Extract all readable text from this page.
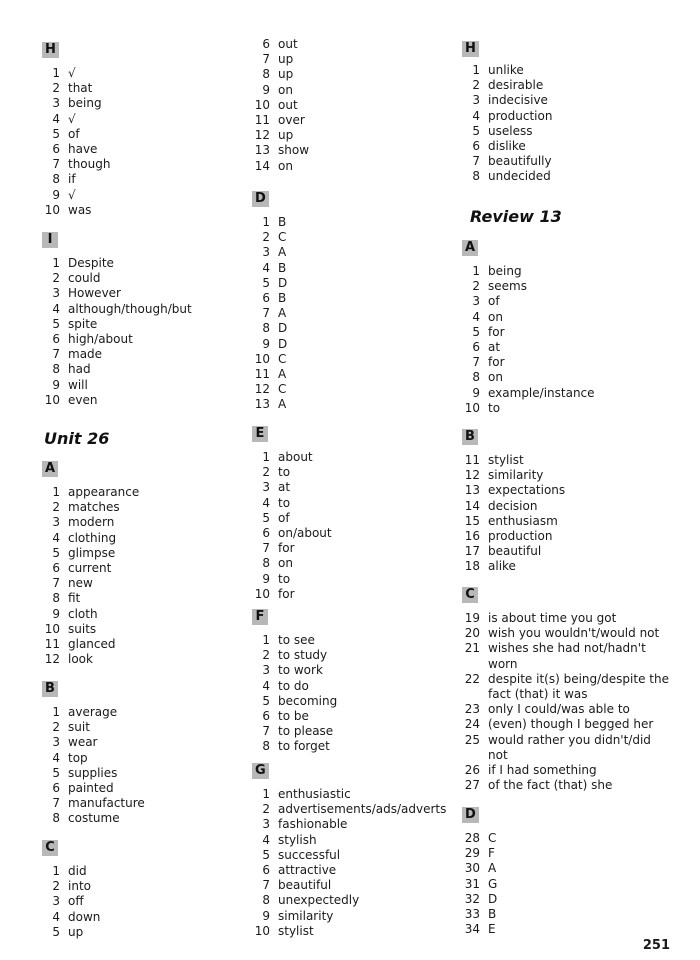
H
1 √
2 that
3 being
4 √
5 of
6 have
7 though
8 if
9 √
10 was
I
1 Despite
2 could
3 However
4 although/though/but
5 spite
6 high/about
7 made
8 had
9 will
10 even
Unit 26
A
1 appearance
2 matches
3 modern
4 clothing
5 glimpse
6 current
7 new
8 fit
9 cloth
10 suits
11 glanced
12 look
B
1 average
2 suit
3 wear
4 top
5 supplies
6 painted
7 manufacture
8 costume
C
1 did
2 into
3 off
4 down
5 up
6 out
7 up
8 up
9 on
10 out
11 over
12 up
13 show
14 on
D
1 B
2 C
3 A
4 B
5 D
6 B
7 A
8 D
9 D
10 C
11 A
12 C
13 A
E
1 about
2 to
3 at
4 to
5 of
6 on/about
7 for
8 on
9 to
10 for
F
1 to see
2 to study
3 to work
4 to do
5 becoming
6 to be
7 to please
8 to forget
G
1 enthusiastic
2 advertisements/ads/adverts
3 fashionable
4 stylish
5 successful
6 attractive
7 beautiful
8 unexpectedly
9 similarity
10 stylist
H
1 unlike
2 desirable
3 indecisive
4 production
5 useless
6 dislike
7 beautifully
8 undecided
Review 13
A
1 being
2 seems
3 of
4 on
5 for
6 at
7 for
8 on
9 example/instance
10 to
B
11 stylist
12 similarity
13 expectations
14 decision
15 enthusiasm
16 production
17 beautiful
18 alike
C
19 is about time you got
20 wish you wouldn't/would not
21 wishes she had not/hadn't worn
22 despite it(s) being/despite the fact (that) it was
23 only I could/was able to
24 (even) though I begged her
25 would rather you didn't/did not
26 if I had something
27 of the fact (that) she
D
28 C
29 F
30 A
31 G
32 D
33 B
34 E
251
